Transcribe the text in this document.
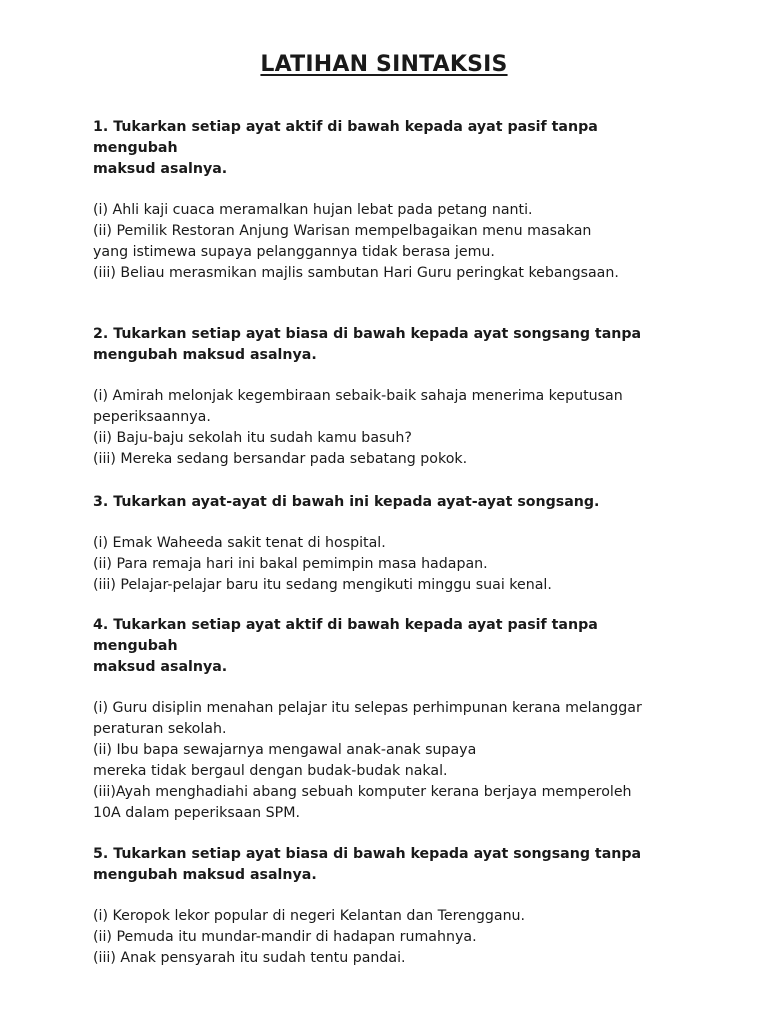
LATIHAN SINTAKSIS
1. Tukarkan setiap ayat aktif di bawah kepada ayat pasif tanpa mengubah
maksud asalnya.
(i) Ahli kaji cuaca meramalkan hujan lebat pada petang nanti.
(ii) Pemilik Restoran Anjung Warisan mempelbagaikan menu masakan
yang istimewa supaya pelanggannya tidak berasa jemu.
(iii) Beliau merasmikan majlis sambutan Hari Guru peringkat kebangsaan.
2. Tukarkan setiap ayat biasa di bawah kepada ayat songsang tanpa
mengubah maksud asalnya.
(i) Amirah melonjak kegembiraan sebaik-baik sahaja menerima keputusan
peperiksaannya.
(ii) Baju-baju sekolah itu sudah kamu basuh?
(iii) Mereka sedang bersandar pada sebatang pokok.
3. Tukarkan ayat-ayat di bawah ini kepada ayat-ayat songsang.
(i) Emak Waheeda sakit tenat di hospital.
(ii) Para remaja hari ini bakal pemimpin masa hadapan.
(iii) Pelajar-pelajar baru itu sedang mengikuti minggu suai kenal.
4. Tukarkan setiap ayat aktif di bawah kepada ayat pasif tanpa mengubah
maksud asalnya.
(i) Guru disiplin menahan pelajar itu selepas perhimpunan kerana melanggar
peraturan sekolah.
(ii) Ibu bapa sewajarnya mengawal anak-anak supaya
mereka tidak bergaul dengan budak-budak nakal.
(iii)Ayah menghadiahi abang sebuah komputer kerana berjaya memperoleh
10A dalam peperiksaan SPM.
5. Tukarkan setiap ayat biasa di bawah kepada ayat songsang tanpa
mengubah maksud asalnya.
(i) Keropok lekor popular di negeri Kelantan dan Terengganu.
(ii) Pemuda itu mundar-mandir di hadapan rumahnya.
(iii) Anak pensyarah itu sudah tentu pandai.
